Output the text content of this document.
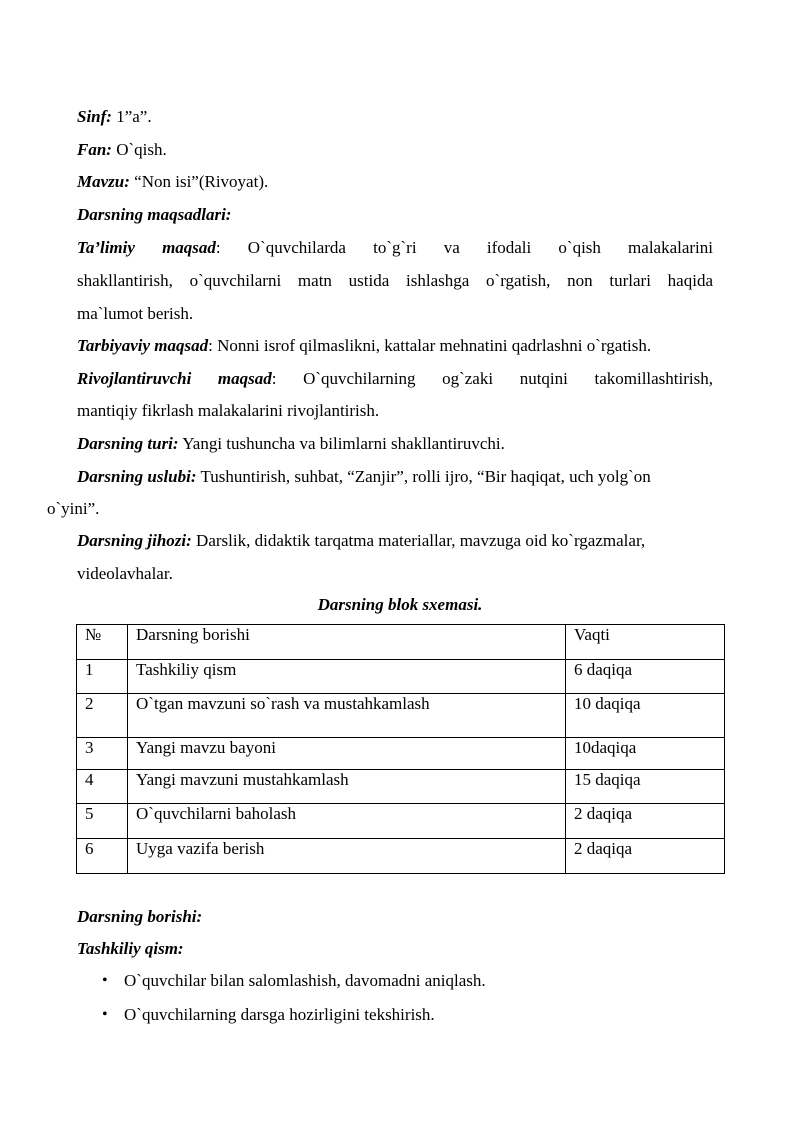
Sinf: 1”a”.
Fan: O`qish.
Mavzu: “Non isi”(Rivoyat).
Darsning maqsadlari:
Ta’limiy maqsad: O`quvchilarda to`g`ri va ifodali o`qish malakalarini
shakllantirish, o`quvchilarni matn ustida ishlashga o`rgatish, non turlari haqida
ma`lumot berish.
Tarbiyaviy maqsad: Nonni isrof qilmaslikni, kattalar mehnatini qadrlashni o`rgatish.
Rivojlantiruvchi maqsad: O`quvchilarning og`zaki nutqini takomillashtirish,
mantiqiy fikrlash malakalarini rivojlantirish.
Darsning turi: Yangi tushuncha va bilimlarni shakllantiruvchi.
Darsning uslubi: Tushuntirish, suhbat, “Zanjir”, rolli ijro, “Bir haqiqat, uch yolg`on
o`yini”.
Darsning jihozi: Darslik, didaktik tarqatma materiallar, mavzuga oid ko`rgazmalar,
videolavhalar.
Darsning blok sxemasi.
№	Darsning borishi	Vaqti
1	Tashkiliy qism	6 daqiqa
2	O`tgan mavzuni so`rash va mustahkamlash	10 daqiqa
3	Yangi mavzu bayoni	10daqiqa
4	Yangi mavzuni mustahkamlash	15 daqiqa
5	O`quvchilarni baholash	2 daqiqa
6	Uyga vazifa berish	2 daqiqa
Darsning borishi:
Tashkiliy qism:
• O`quvchilar bilan salomlashish, davomadni aniqlash.
• O`quvchilarning darsga hozirligini tekshirish.
